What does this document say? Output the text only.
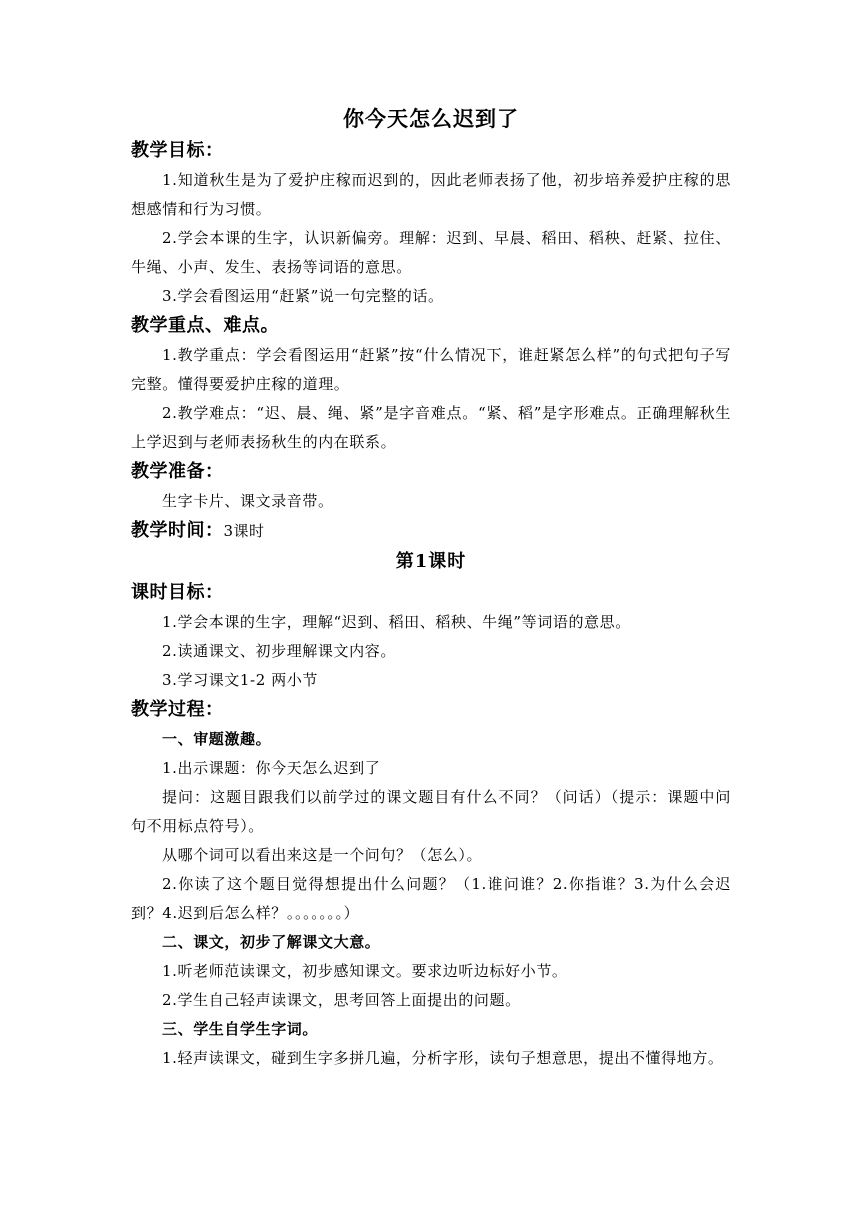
你今天怎么迟到了
教学目标：

1.知道秋生是为了爱护庄稼而迟到的，因此老师表扬了他，初步培养爱护庄稼的思想感情和行为习惯。

2.学会本课的生字，认识新偏旁。理解：迟到、早晨、稻田、稻秧、赶紧、拉住、牛绳、小声、发生、表扬等词语的意思。

3.学会看图运用“赶紧”说一句完整的话。

教学重点、难点。

1.教学重点：学会看图运用“赶紧”按“什么情况下，谁赶紧怎么样”的句式把句子写完整。懂得要爱护庄稼的道理。

2.教学难点：“迟、晨、绳、紧”是字音难点。“紧、稻”是字形难点。正确理解秋生上学迟到与老师表扬秋生的内在联系。

教学准备：

生字卡片、课文录音带。

教学时间：3课时
第1课时
课时目标：

1.学会本课的生字，理解“迟到、稻田、稻秧、牛绳”等词语的意思。

2.读通课文、初步理解课文内容。

3.学习课文1-2 两小节

教学过程：
一、审题激趣。

1.出示课题：你今天怎么迟到了

提问：这题目跟我们以前学过的课文题目有什么不同？（问话）（提示：课题中问句不用标点符号）。

从哪个词可以看出来这是一个问句？（怎么）。

2.你读了这个题目觉得想提出什么问题？（1.谁问谁？2.你指谁？3.为什么会迟到？4.迟到后怎么样？。。。。。。。）

二、课文，初步了解课文大意。

1.听老师范读课文，初步感知课文。要求边听边标好小节。

2.学生自己轻声读课文，思考回答上面提出的问题。

三、学生自学生字词。

1.轻声读课文，碰到生字多拼几遍，分析字形，读句子想意思，提出不懂得地方。
